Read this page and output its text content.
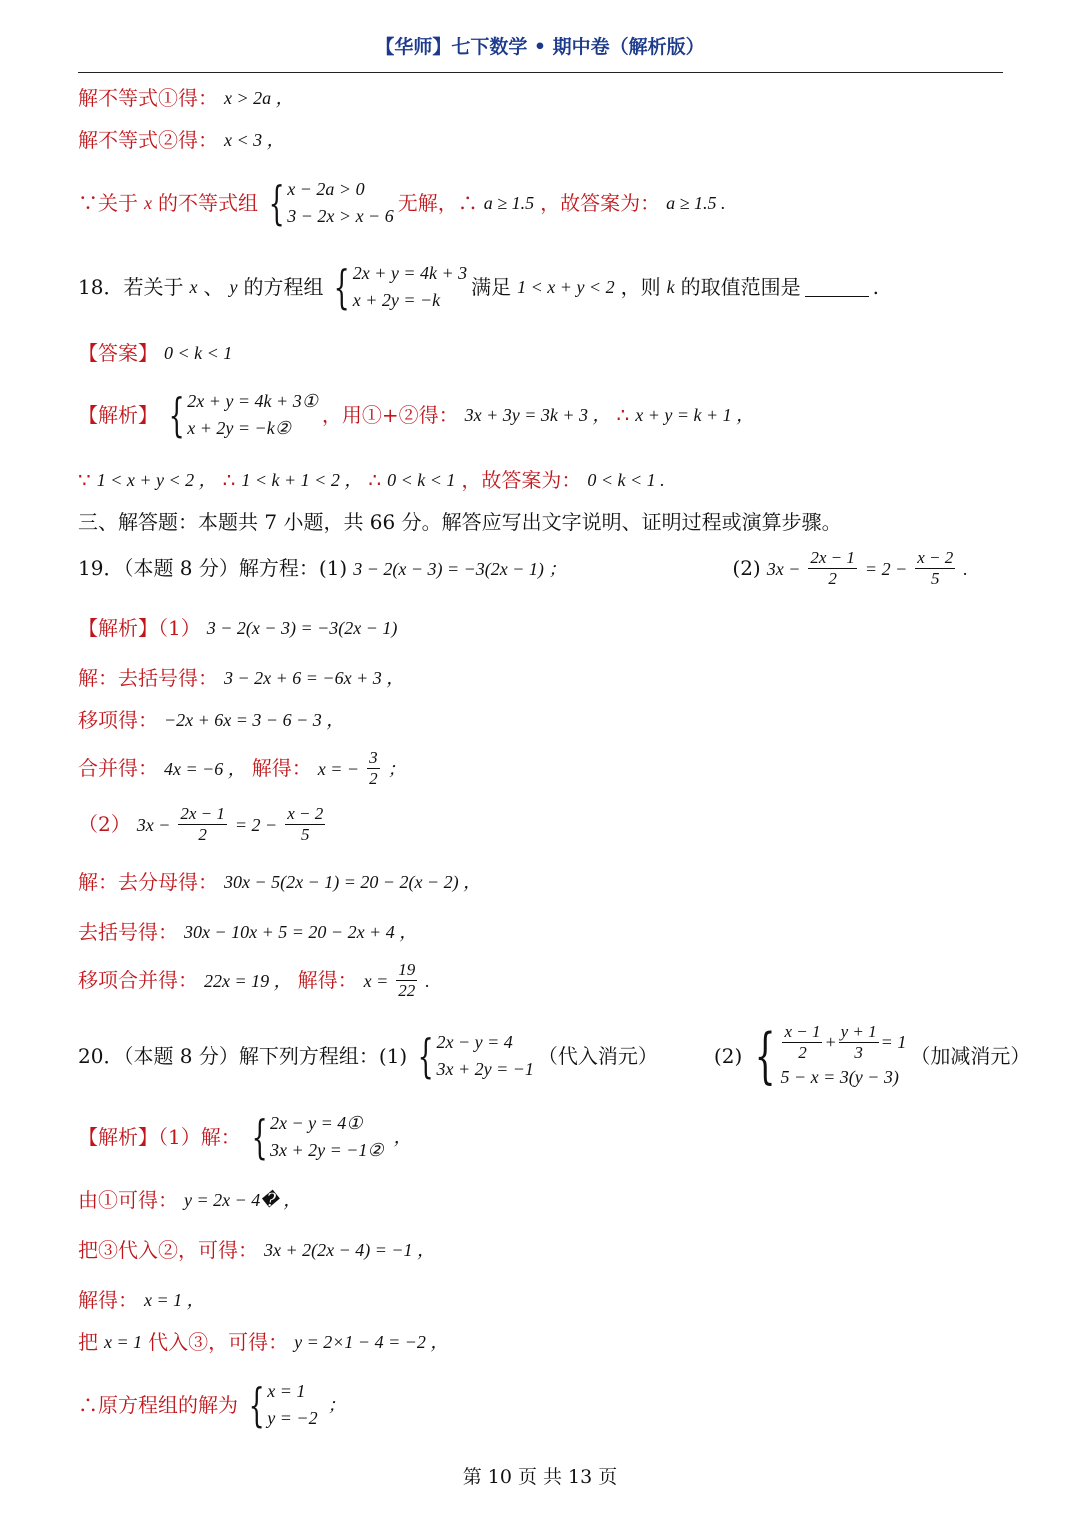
【华师】七下数学 • 期中卷（解析版）
解不等式①得： x > 2a ，
解不等式②得： x < 3 ，
∵关于 x 的不等式组 { x − 2a > 0
3 − 2x > x − 6
无解，∴ a ≥ 1.5 ，故答案为： a ≥ 1.5 .
18．若关于 x 、 y 的方程组 { 2x + y = 4k + 3
x + 2y = −k
满足 1 < x + y < 2 ，则 k 的取值范围是	.
【答案】 0 < k < 1
【解析】 { 2x + y = 4k + 3①
x + 2y = −k②
，用①+②得： 3x + 3y = 3k + 3 ， ∴ x + y = k + 1 ，
∵ 1 < x + y < 2 ， ∴ 1 < k + 1 < 2 ， ∴ 0 < k < 1 ，故答案为： 0 < k < 1 .
三、解答题：本题共 7 小题，共 66 分。解答应写出文字说明、证明过程或演算步骤。
19．（本题 8 分）解方程：(1) 3 − 2(x − 3) = −3(2x − 1) ；	(2) $3x - \frac{2x - 1}{2} = 2 - \frac{x - 2}{5}$ .
【解析】（1） 3 − 2(x − 3) = −3(2x − 1)
解：去括号得： 3 − 2x + 6 = −6x + 3 ，
移项得： −2x + 6x = 3 − 6 − 3 ，
合并得： 4x = −6 ， 解得： x = − $\frac{3}{2}$ ；
（2） $3x - \frac{2x - 1}{2} = 2 - \frac{x - 2}{5}$
解：去分母得： 30x − 5(2x − 1) = 20 − 2(x − 2) ，
去括号得： 30x − 10x + 5 = 20 − 2x + 4 ，
移项合并得： 22x = 19 ， 解得： $x = \frac{19}{22}$ .
20．（本题 8 分）解下列方程组：(1) { 2x − y = 4
3x + 2y = −1
（代入消元）	(2) { $\frac{x - 1}{2} + \frac{y + 1}{3} = 1$
5 − x = 3(y − 3)
（加减消元）
【解析】（1）解： { 2x − y = 4①
3x + 2y = −1②
，
由①可得： y = 2x − 4� ，
把③代入②，可得： 3x + 2(2x − 4) = −1 ，
解得： x = 1 ，
把 x = 1 代入③，可得： y = 2×1 − 4 = −2 ，
∴原方程组的解为 { x = 1
y = −2
；
第 10 页 共 13 页
